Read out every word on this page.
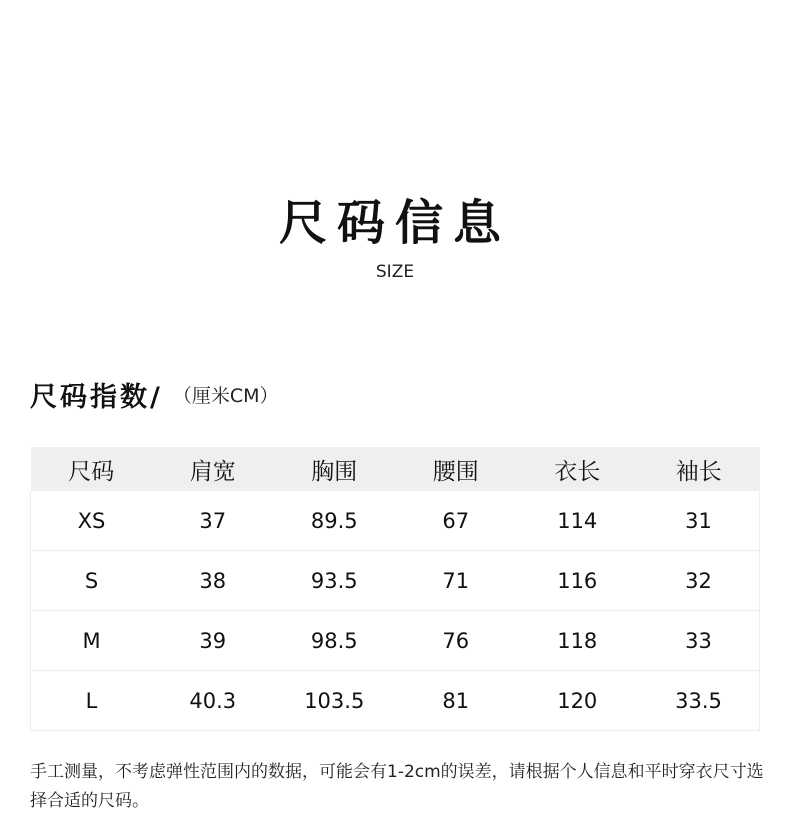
尺码信息
SIZE
尺码指数/ （厘米CM）
尺码	肩宽	胸围	腰围	衣长	袖长
XS	37	89.5	67	114	31
S	38	93.5	71	116	32
M	39	98.5	76	118	33
L	40.3	103.5	81	120	33.5
手工测量，不考虑弹性范围内的数据，可能会有1-2cm的误差，请根据个人信息和平时穿衣尺寸选择合适的尺码。
